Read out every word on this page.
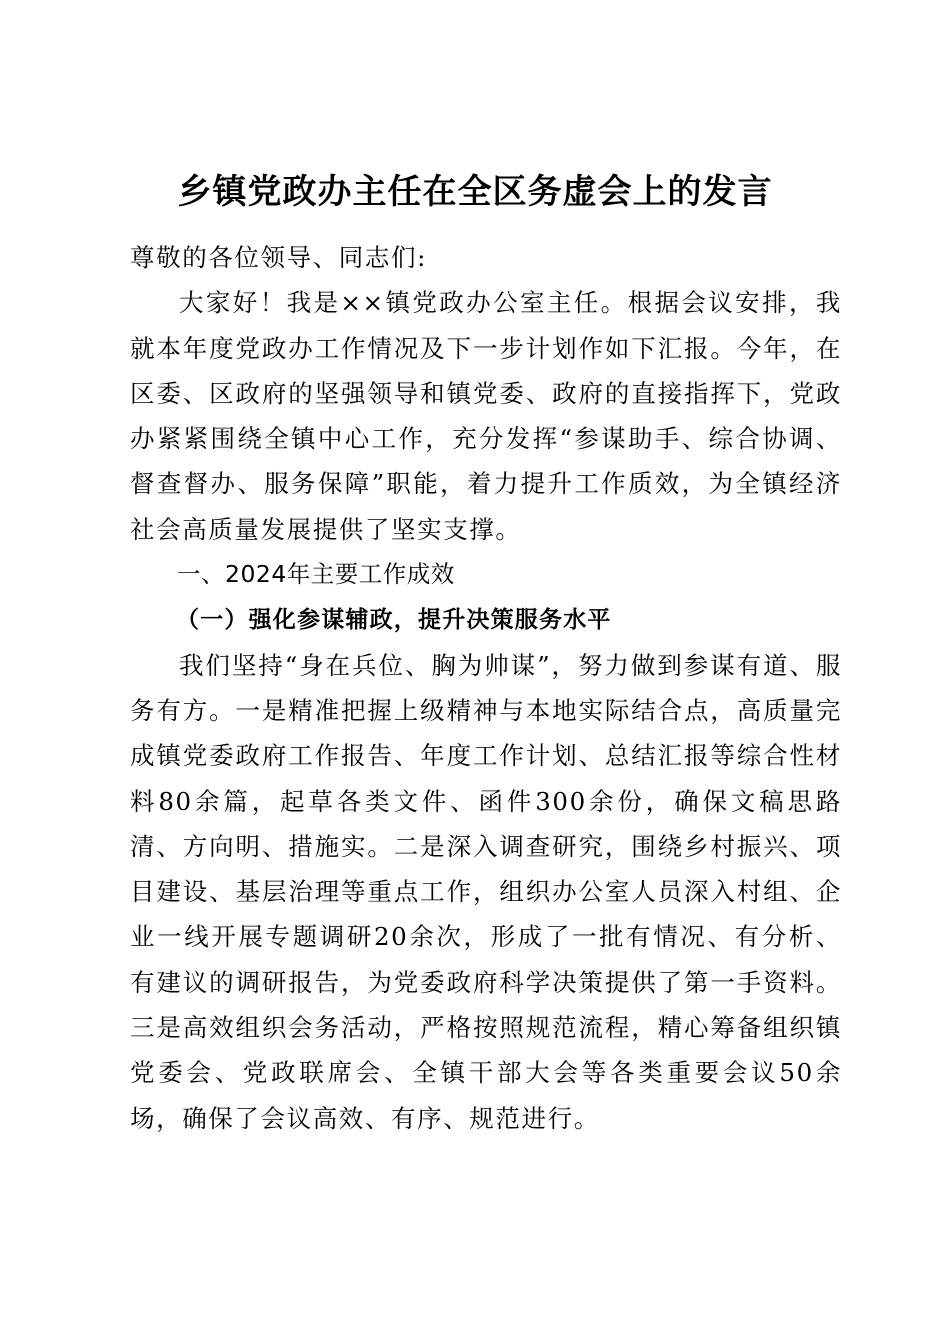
乡镇党政办主任在全区务虚会上的发言

尊敬的各位领导、同志们:

大家好！我是××镇党政办公室主任。根据会议安排，我就本年度党政办工作情况及下一步计划作如下汇报。今年，在区委、区政府的坚强领导和镇党委、政府的直接指挥下，党政办紧紧围绕全镇中心工作，充分发挥“参谋助手、综合协调、督查督办、服务保障”职能，着力提升工作质效，为全镇经济社会高质量发展提供了坚实支撑。

一、2024年主要工作成效

（一）强化参谋辅政，提升决策服务水平

我们坚持“身在兵位、胸为帅谋”，努力做到参谋有道、服务有方。一是精准把握上级精神与本地实际结合点，高质量完成镇党委政府工作报告、年度工作计划、总结汇报等综合性材料80余篇，起草各类文件、函件300余份，确保文稿思路清、方向明、措施实。二是深入调查研究，围绕乡村振兴、项目建设、基层治理等重点工作，组织办公室人员深入村组、企业一线开展专题调研20余次，形成了一批有情况、有分析、有建议的调研报告，为党委政府科学决策提供了第一手资料。三是高效组织会务活动，严格按照规范流程，精心筹备组织镇党委会、党政联席会、全镇干部大会等各类重要会议50余场，确保了会议高效、有序、规范进行。
